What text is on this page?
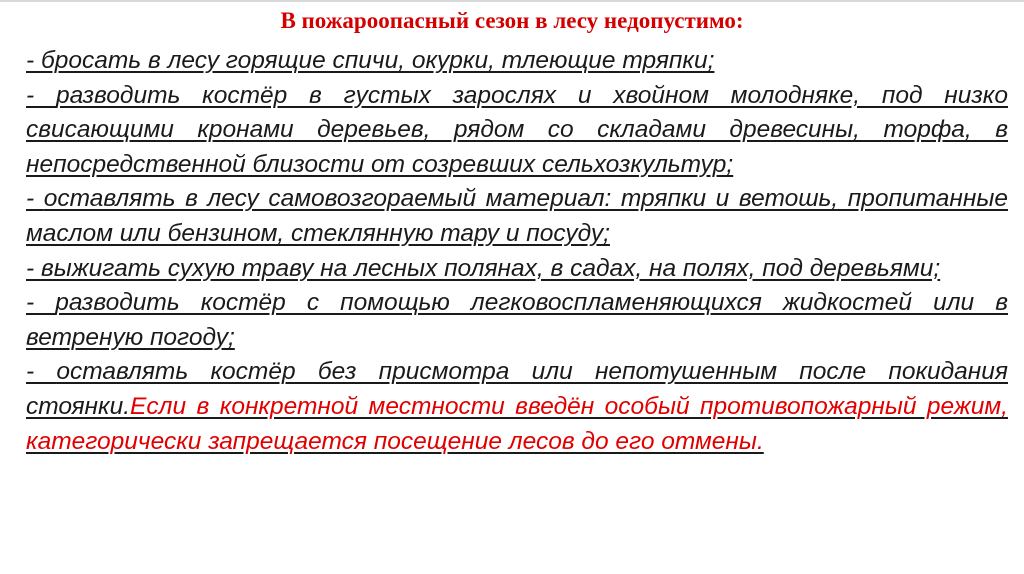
В пожароопасный сезон в лесу недопустимо:

- бросать в лесу горящие спичи, окурки, тлеющие тряпки;

- разводить костёр в густых зарослях и хвойном молодняке, под низко свисающими кронами деревьев, рядом со складами древесины, торфа, в непосредственной близости от созревших сельхозкультур;

- оставлять в лесу самовозгораемый материал: тряпки и ветошь, пропитанные маслом или бензином, стеклянную тару и посуду;

- выжигать сухую траву на лесных полянах, в садах, на полях, под деревьями;

- разводить костёр с помощью легковоспламеняющихся жидкостей или в ветреную погоду;

- оставлять костёр без присмотра или непотушенным после покидания стоянки.Если в конкретной местности введён особый противопожарный режим, категорически запрещается посещение лесов до его отмены.
